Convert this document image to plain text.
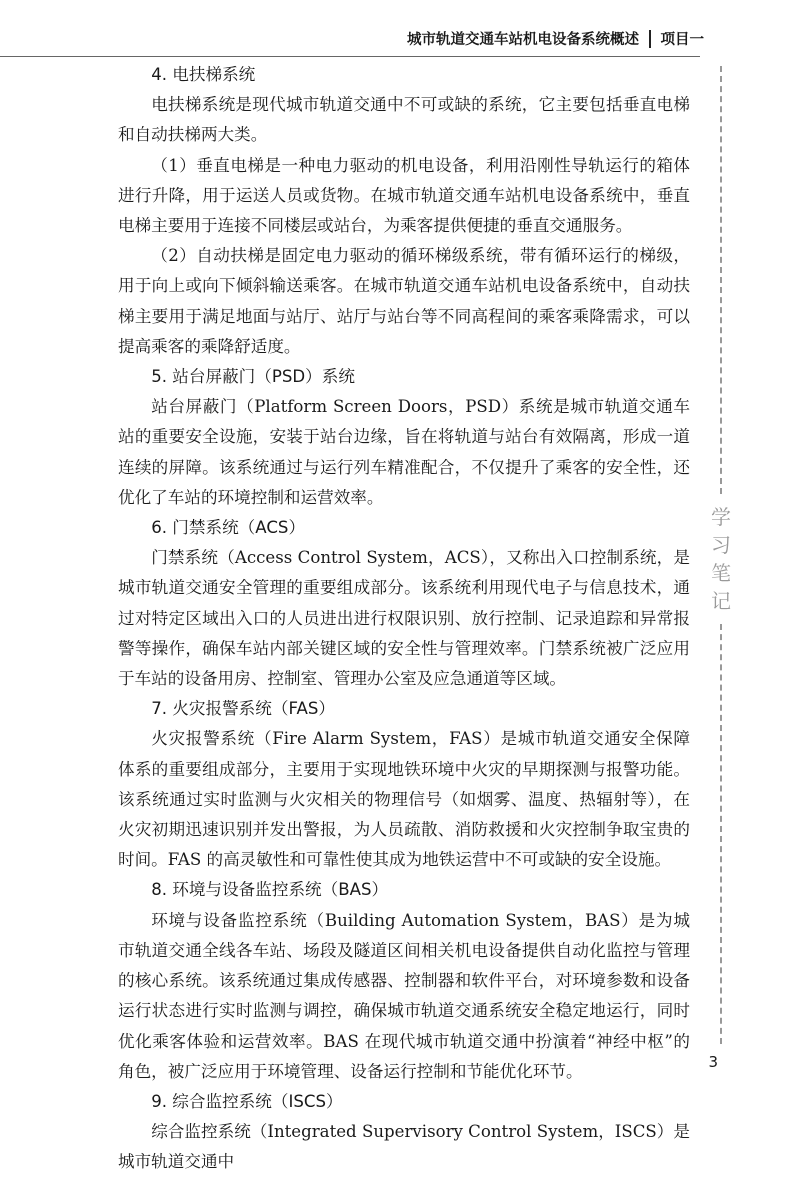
城市轨道交通车站机电设备系统概述 项目一
学习笔记

4. 电扶梯系统

电扶梯系统是现代城市轨道交通中不可或缺的系统，它主要包括垂直电梯和自动扶梯两大类。

（1）垂直电梯是一种电力驱动的机电设备，利用沿刚性导轨运行的箱体进行升降，用于运送人员或货物。在城市轨道交通车站机电设备系统中，垂直电梯主要用于连接不同楼层或站台，为乘客提供便捷的垂直交通服务。

（2）自动扶梯是固定电力驱动的循环梯级系统，带有循环运行的梯级，用于向上或向下倾斜输送乘客。在城市轨道交通车站机电设备系统中，自动扶梯主要用于满足地面与站厅、站厅与站台等不同高程间的乘客乘降需求，可以提高乘客的乘降舒适度。

5. 站台屏蔽门（PSD）系统

站台屏蔽门（Platform Screen Doors，PSD）系统是城市轨道交通车站的重要安全设施，安装于站台边缘，旨在将轨道与站台有效隔离，形成一道连续的屏障。该系统通过与运行列车精准配合，不仅提升了乘客的安全性，还优化了车站的环境控制和运营效率。

6. 门禁系统（ACS）

门禁系统（Access Control System，ACS），又称出入口控制系统，是城市轨道交通安全管理的重要组成部分。该系统利用现代电子与信息技术，通过对特定区域出入口的人员进出进行权限识别、放行控制、记录追踪和异常报警等操作，确保车站内部关键区域的安全性与管理效率。门禁系统被广泛应用于车站的设备用房、控制室、管理办公室及应急通道等区域。

7. 火灾报警系统（FAS）

火灾报警系统（Fire Alarm System，FAS）是城市轨道交通安全保障体系的重要组成部分，主要用于实现地铁环境中火灾的早期探测与报警功能。该系统通过实时监测与火灾相关的物理信号（如烟雾、温度、热辐射等），在火灾初期迅速识别并发出警报，为人员疏散、消防救援和火灾控制争取宝贵的时间。FAS 的高灵敏性和可靠性使其成为地铁运营中不可或缺的安全设施。

8. 环境与设备监控系统（BAS）

环境与设备监控系统（Building Automation System，BAS）是为城市轨道交通全线各车站、场段及隧道区间相关机电设备提供自动化监控与管理的核心系统。该系统通过集成传感器、控制器和软件平台，对环境参数和设备运行状态进行实时监测与调控，确保城市轨道交通系统安全稳定地运行，同时优化乘客体验和运营效率。BAS 在现代城市轨道交通中扮演着“神经中枢”的角色，被广泛应用于环境管理、设备运行控制和节能优化环节。

9. 综合监控系统（ISCS）

综合监控系统（Integrated Supervisory Control System，ISCS）是城市轨道交通中

3
